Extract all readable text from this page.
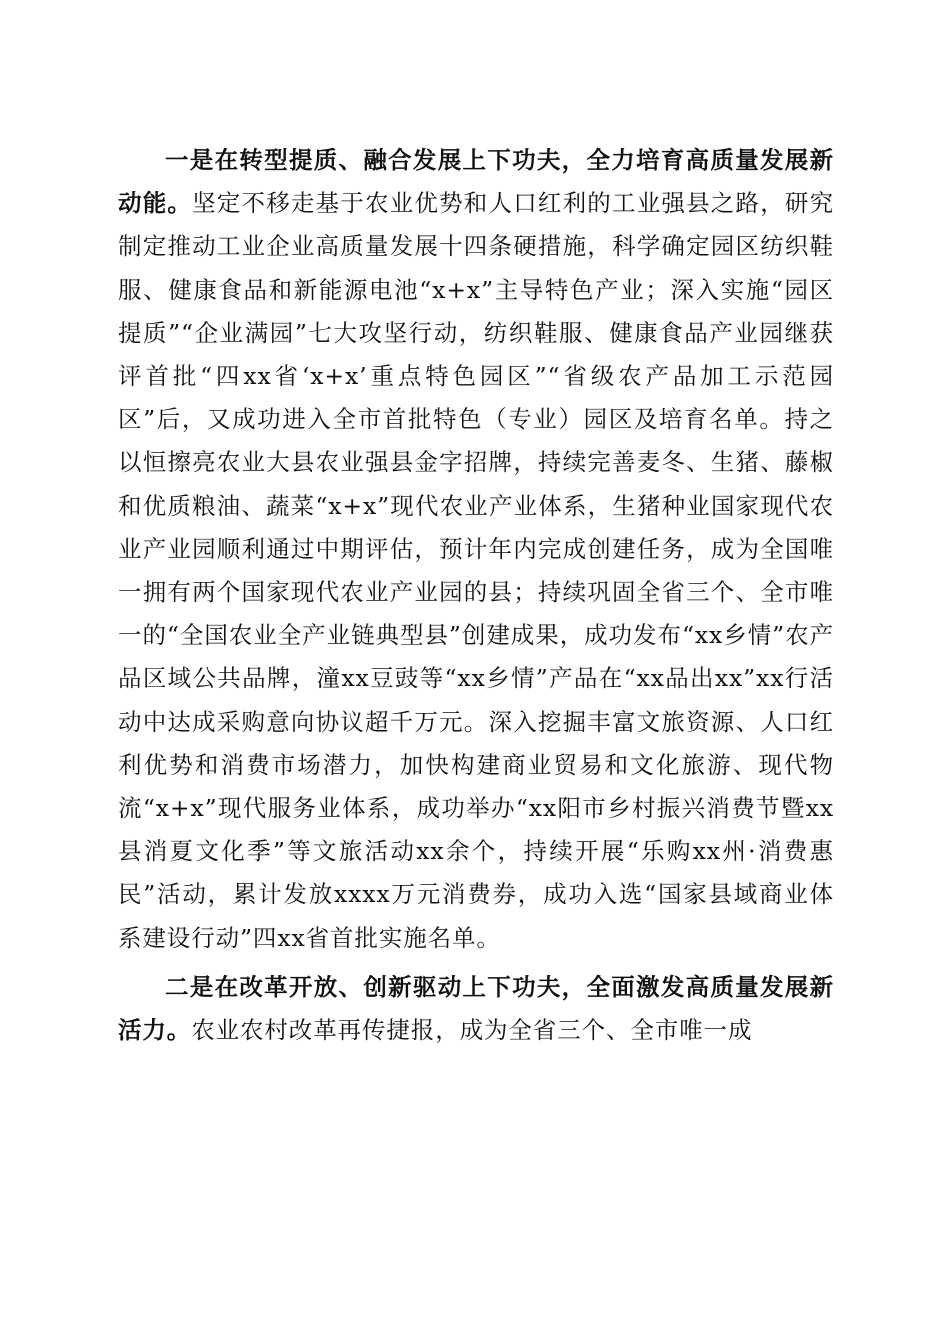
一是在转型提质、融合发展上下功夫，全力培育高质量发展新动能。坚定不移走基于农业优势和人口红利的工业强县之路，研究制定推动工业企业高质量发展十四条硬措施，科学确定园区纺织鞋服、健康食品和新能源电池“x+x”主导特色产业；深入实施“园区提质”“企业满园”七大攻坚行动，纺织鞋服、健康食品产业园继获评首批“四xx省‘x+x’重点特色园区”“省级农产品加工示范园区”后，又成功进入全市首批特色（专业）园区及培育名单。持之以恒擦亮农业大县农业强县金字招牌，持续完善麦冬、生猪、藤椒和优质粮油、蔬菜“x+x”现代农业产业体系，生猪种业国家现代农业产业园顺利通过中期评估，预计年内完成创建任务，成为全国唯一拥有两个国家现代农业产业园的县；持续巩固全省三个、全市唯一的“全国农业全产业链典型县”创建成果，成功发布“xx乡情”农产品区域公共品牌，潼xx豆豉等“xx乡情”产品在“xx品出xx”xx行活动中达成采购意向协议超千万元。深入挖掘丰富文旅资源、人口红利优势和消费市场潜力，加快构建商业贸易和文化旅游、现代物流“x+x”现代服务业体系，成功举办“xx阳市乡村振兴消费节暨xx县消夏文化季”等文旅活动xx余个，持续开展“乐购xx州·消费惠民”活动，累计发放xxxx万元消费券，成功入选“国家县域商业体系建设行动”四xx省首批实施名单。

二是在改革开放、创新驱动上下功夫，全面激发高质量发展新活力。农业农村改革再传捷报，成为全省三个、全市唯一成
